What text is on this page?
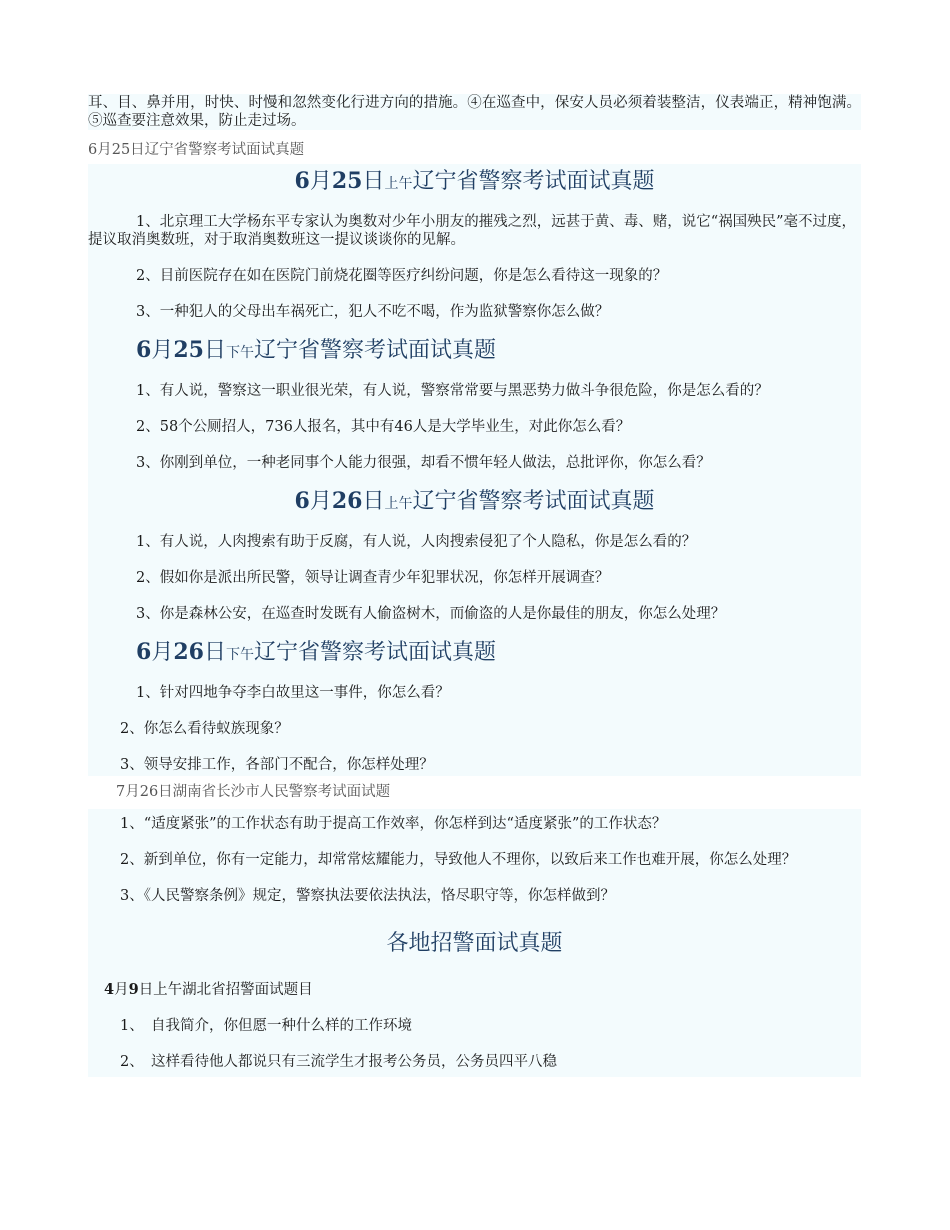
耳、目、鼻并用，时快、时慢和忽然变化行进方向的措施。④在巡查中，保安人员必须着装整洁，仪表端正，精神饱满。⑤巡查要注意效果，防止走过场。

6月25日辽宁省警察考试面试真题

6月25日上午辽宁省警察考试面试真题

1、北京理工大学杨东平专家认为奥数对少年小朋友的摧残之烈，远甚于黄、毒、赌，说它“祸国殃民”毫不过度，提议取消奥数班，对于取消奥数班这一提议谈谈你的见解。

2、目前医院存在如在医院门前烧花圈等医疗纠纷问题，你是怎么看待这一现象的？

3、一种犯人的父母出车祸死亡，犯人不吃不喝，作为监狱警察你怎么做？

6月25日下午辽宁省警察考试面试真题

1、有人说，警察这一职业很光荣，有人说，警察常常要与黑恶势力做斗争很危险，你是怎么看的？

2、58个公厕招人，736人报名，其中有46人是大学毕业生，对此你怎么看？

3、你刚到单位，一种老同事个人能力很强，却看不惯年轻人做法，总批评你，你怎么看？

6月26日上午辽宁省警察考试面试真题

1、有人说，人肉搜索有助于反腐，有人说，人肉搜索侵犯了个人隐私，你是怎么看的？

2、假如你是派出所民警，领导让调查青少年犯罪状况，你怎样开展调查？

3、你是森林公安，在巡查时发既有人偷盗树木，而偷盗的人是你最佳的朋友，你怎么处理？

6月26日下午辽宁省警察考试面试真题

1、针对四地争夺李白故里这一事件，你怎么看？

2、你怎么看待蚁族现象？

3、领导安排工作，各部门不配合，你怎样处理？

7月26日湖南省长沙市人民警察考试面试题

1、“适度紧张”的工作状态有助于提高工作效率，你怎样到达“适度紧张”的工作状态？

2、新到单位，你有一定能力，却常常炫耀能力，导致他人不理你，以致后来工作也难开展，你怎么处理？

3、《人民警察条例》规定，警察执法要依法执法，恪尽职守等，你怎样做到？

各地招警面试真题

4月9日上午湖北省招警面试题目

1、　自我简介，你但愿一种什么样的工作环境

2、　这样看待他人都说只有三流学生才报考公务员，公务员四平八稳
